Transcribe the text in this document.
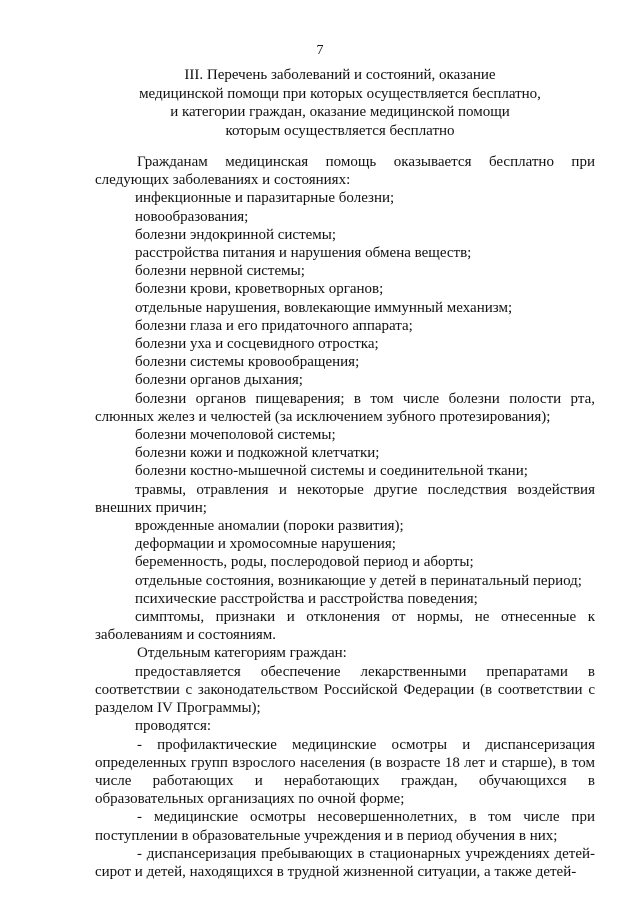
7
III. Перечень заболеваний и состояний, оказание
медицинской помощи при которых осуществляется бесплатно,
и категории граждан, оказание медицинской помощи
которым осуществляется бесплатно
Гражданам медицинская помощь оказывается бесплатно при следующих заболеваниях и состояниях:
инфекционные и паразитарные болезни;
новообразования;
болезни эндокринной системы;
расстройства питания и нарушения обмена веществ;
болезни нервной системы;
болезни крови, кроветворных органов;
отдельные нарушения, вовлекающие иммунный механизм;
болезни глаза и его придаточного аппарата;
болезни уха и сосцевидного отростка;
болезни системы кровообращения;
болезни органов дыхания;
болезни органов пищеварения; в том числе болезни полости рта, слюнных желез и челюстей (за исключением зубного протезирования);
болезни мочеполовой системы;
болезни кожи и подкожной клетчатки;
болезни костно-мышечной системы и соединительной ткани;
травмы, отравления и некоторые другие последствия воздействия внешних причин;
врожденные аномалии (пороки развития);
деформации и хромосомные нарушения;
беременность, роды, послеродовой период и аборты;
отдельные состояния, возникающие у детей в перинатальный период;
психические расстройства и расстройства поведения;
симптомы, признаки и отклонения от нормы, не отнесенные к заболеваниям и состояниям.
Отдельным категориям граждан:
предоставляется обеспечение лекарственными препаратами в соответствии с законодательством Российской Федерации (в соответствии с разделом IV Программы);
проводятся:
- профилактические медицинские осмотры и диспансеризация определенных групп взрослого населения (в возрасте 18 лет и старше), в том числе работающих и неработающих граждан, обучающихся в образовательных организациях по очной форме;
- медицинские осмотры несовершеннолетних, в том числе при поступлении в образовательные учреждения и в период обучения в них;
- диспансеризация пребывающих в стационарных учреждениях детей-сирот и детей, находящихся в трудной жизненной ситуации, а также детей-
